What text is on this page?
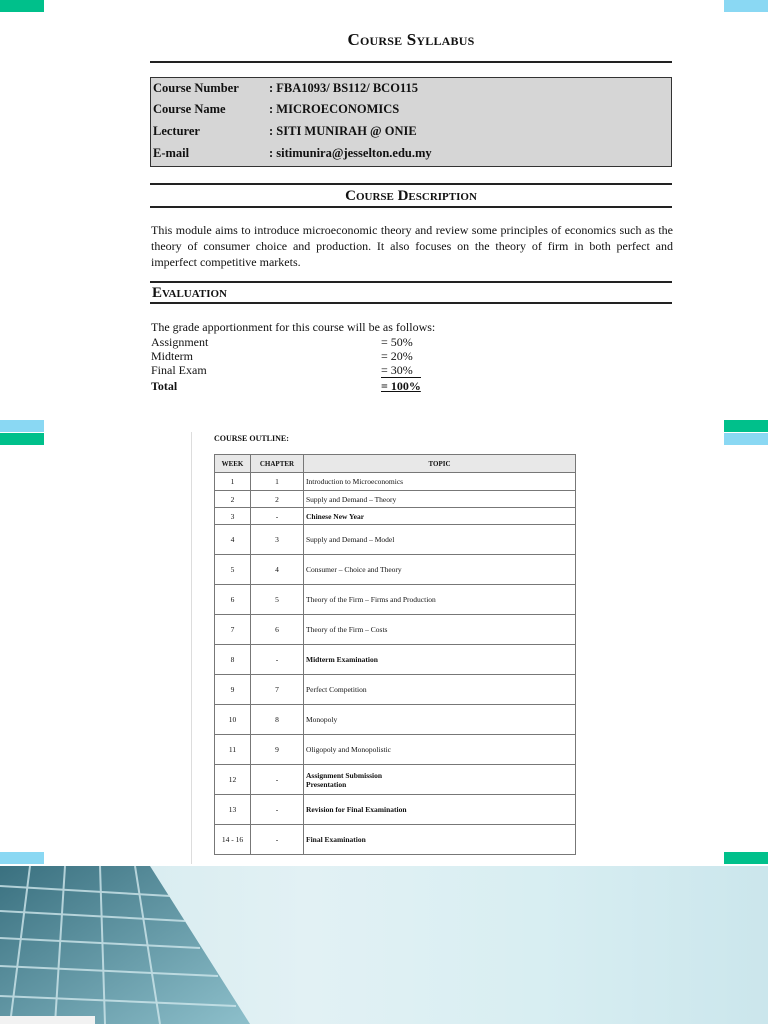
Course Syllabus
Course Number : FBA1093/ BS112/ BCO115
Course Name	: MICROECONOMICS
Lecturer	: SITI MUNIRAH @ ONIE
E-mail	: sitimunira@jesselton.edu.my
Course Description
This module aims to introduce microeconomic theory and review some principles of economics such as the theory of consumer choice and production. It also focuses on the theory of firm in both perfect and imperfect competitive markets.
Evaluation
The grade apportionment for this course will be as follows:
Assignment	= 50%
Midterm	= 20%
Final Exam	= 30%
Total	= 100%
COURSE OUTLINE:
WEEK	CHAPTER	TOPIC
1	1	Introduction to Microeconomics
2	2	Supply and Demand – Theory
3	-	Chinese New Year
4	3	Supply and Demand – Model
5	4	Consumer – Choice and Theory
6	5	Theory of the Firm – Firms and Production
7	6	Theory of the Firm – Costs
8	-	Midterm Examination
9	7	Perfect Competition
10	8	Monopoly
11	9	Oligopoly and Monopolistic
12	-	Assignment Submission
Presentation

13	-	Revision for Final Examination
14 - 16	-	Final Examination
